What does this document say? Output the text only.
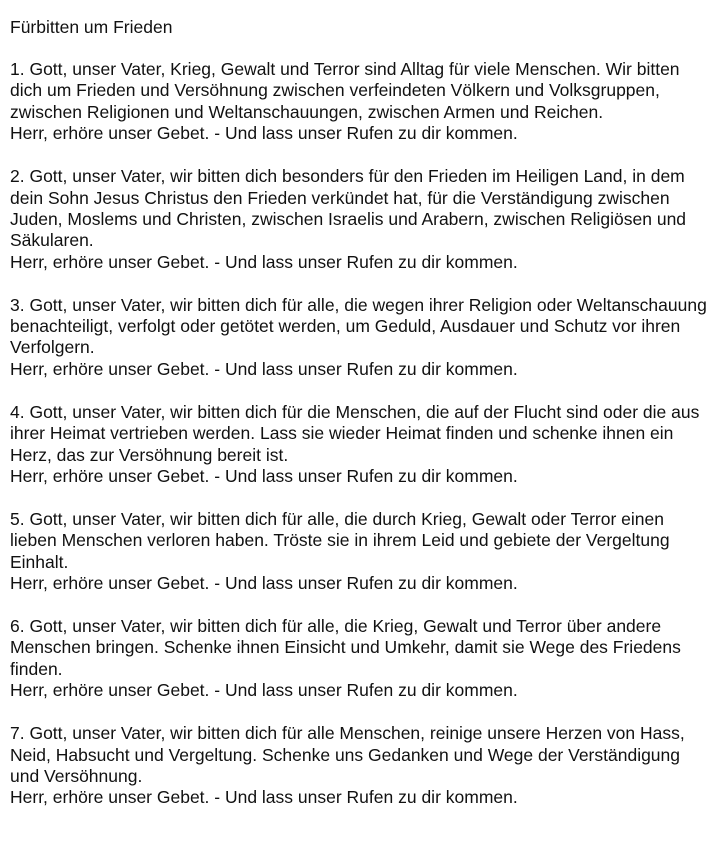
Fürbitten um Frieden

1. Gott, unser Vater, Krieg, Gewalt und Terror sind Alltag für viele Menschen. Wir bitten dich um Frieden und Versöhnung zwischen verfeindeten Völkern und Volksgruppen, zwischen Religionen und Weltanschauungen, zwischen Armen und Reichen.

Herr, erhöre unser Gebet. - Und lass unser Rufen zu dir kommen.

2. Gott, unser Vater, wir bitten dich besonders für den Frieden im Heiligen Land, in dem dein Sohn Jesus Christus den Frieden verkündet hat, für die Verständigung zwischen Juden, Moslems und Christen, zwischen Israelis und Arabern, zwischen Religiösen und Säkularen.

Herr, erhöre unser Gebet. - Und lass unser Rufen zu dir kommen.

3. Gott, unser Vater, wir bitten dich für alle, die wegen ihrer Religion oder Weltanschauung benachteiligt, verfolgt oder getötet werden, um Geduld, Ausdauer und Schutz vor ihren Verfolgern.

Herr, erhöre unser Gebet. - Und lass unser Rufen zu dir kommen.

4. Gott, unser Vater, wir bitten dich für die Menschen, die auf der Flucht sind oder die aus ihrer Heimat vertrieben werden. Lass sie wieder Heimat finden und schenke ihnen ein Herz, das zur Versöhnung bereit ist.

Herr, erhöre unser Gebet. - Und lass unser Rufen zu dir kommen.

5. Gott, unser Vater, wir bitten dich für alle, die durch Krieg, Gewalt oder Terror einen lieben Menschen verloren haben. Tröste sie in ihrem Leid und gebiete der Vergeltung Einhalt.

Herr, erhöre unser Gebet. - Und lass unser Rufen zu dir kommen.

6. Gott, unser Vater, wir bitten dich für alle, die Krieg, Gewalt und Terror über andere Menschen bringen. Schenke ihnen Einsicht und Umkehr, damit sie Wege des Friedens finden.

Herr, erhöre unser Gebet. - Und lass unser Rufen zu dir kommen.

7. Gott, unser Vater, wir bitten dich für alle Menschen, reinige unsere Herzen von Hass, Neid, Habsucht und Vergeltung. Schenke uns Gedanken und Wege der Verständigung und Versöhnung.

Herr, erhöre unser Gebet. - Und lass unser Rufen zu dir kommen.
